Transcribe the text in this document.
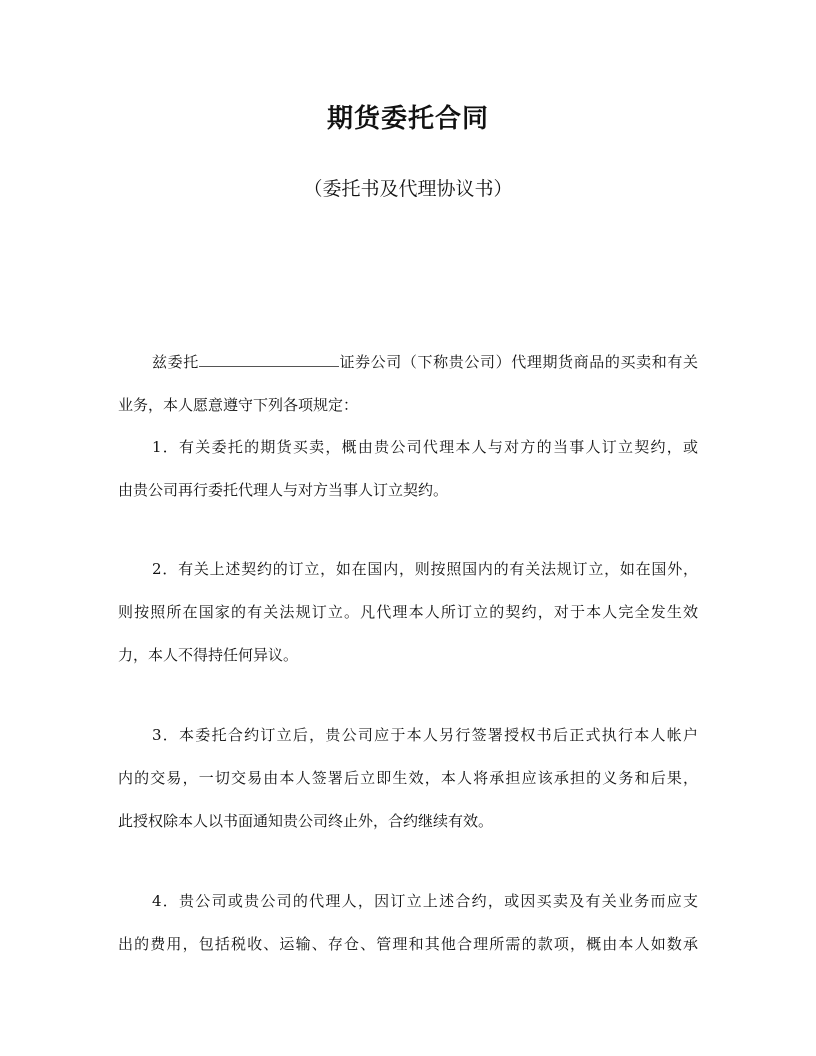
期货委托合同
（委托书及代理协议书）
兹委托	证券公司（下称贵公司）代理期货商品的买卖和有关
业务，本人愿意遵守下列各项规定：
1．有关委托的期货买卖，概由贵公司代理本人与对方的当事人订立契约，或
由贵公司再行委托代理人与对方当事人订立契约。
2．有关上述契约的订立，如在国内，则按照国内的有关法规订立，如在国外，
则按照所在国家的有关法规订立。凡代理本人所订立的契约，对于本人完全发生效
力，本人不得持任何异议。
3．本委托合约订立后，贵公司应于本人另行签署授权书后正式执行本人帐户
内的交易，一切交易由本人签署后立即生效，本人将承担应该承担的义务和后果，
此授权除本人以书面通知贵公司终止外，合约继续有效。
4．贵公司或贵公司的代理人，因订立上述合约，或因买卖及有关业务而应支
出的费用，包括税收、运输、存仓、管理和其他合理所需的款项，概由本人如数承
